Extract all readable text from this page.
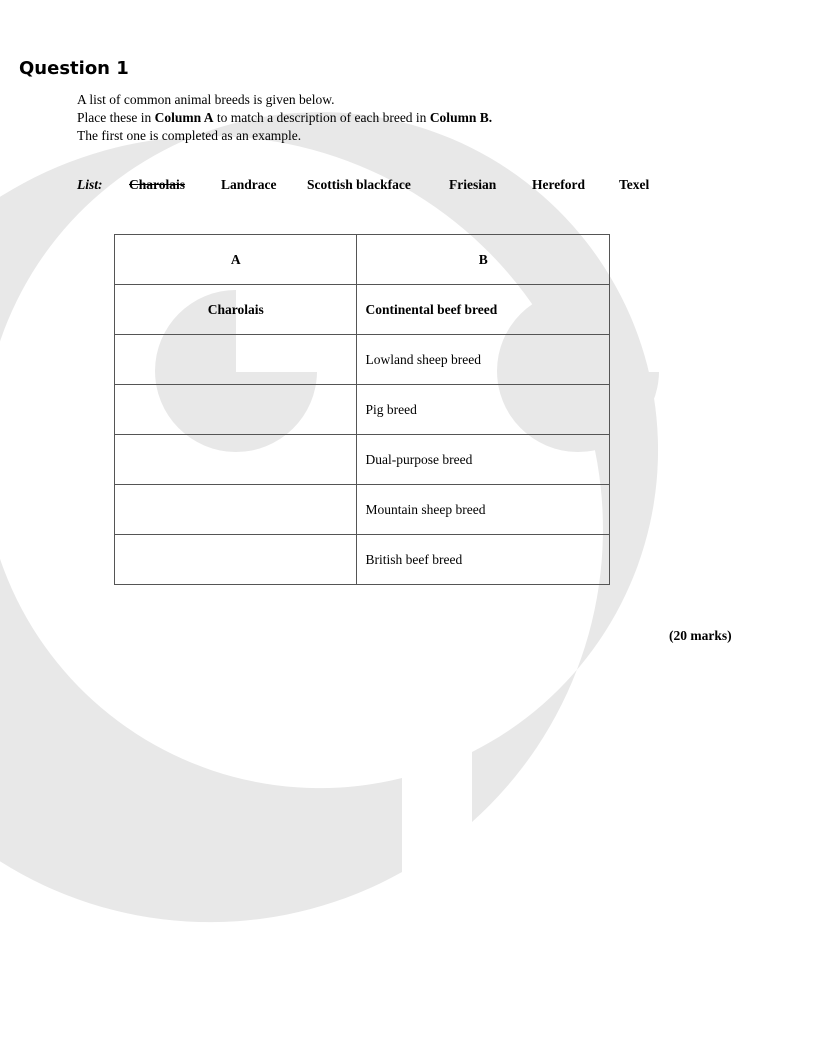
Question 1

A list of common animal breeds is given below.

Place these in Column A to match a description of each breed in Column B.

The first one is completed as an example.

List: Charolais	Landrace Scottish blackface	Friesian	Hereford	Texel
A	B
Charolais	Continental beef breed
	Lowland sheep breed
	Pig breed
	Dual-purpose breed
	Mountain sheep breed
	British beef breed
(20 marks)
